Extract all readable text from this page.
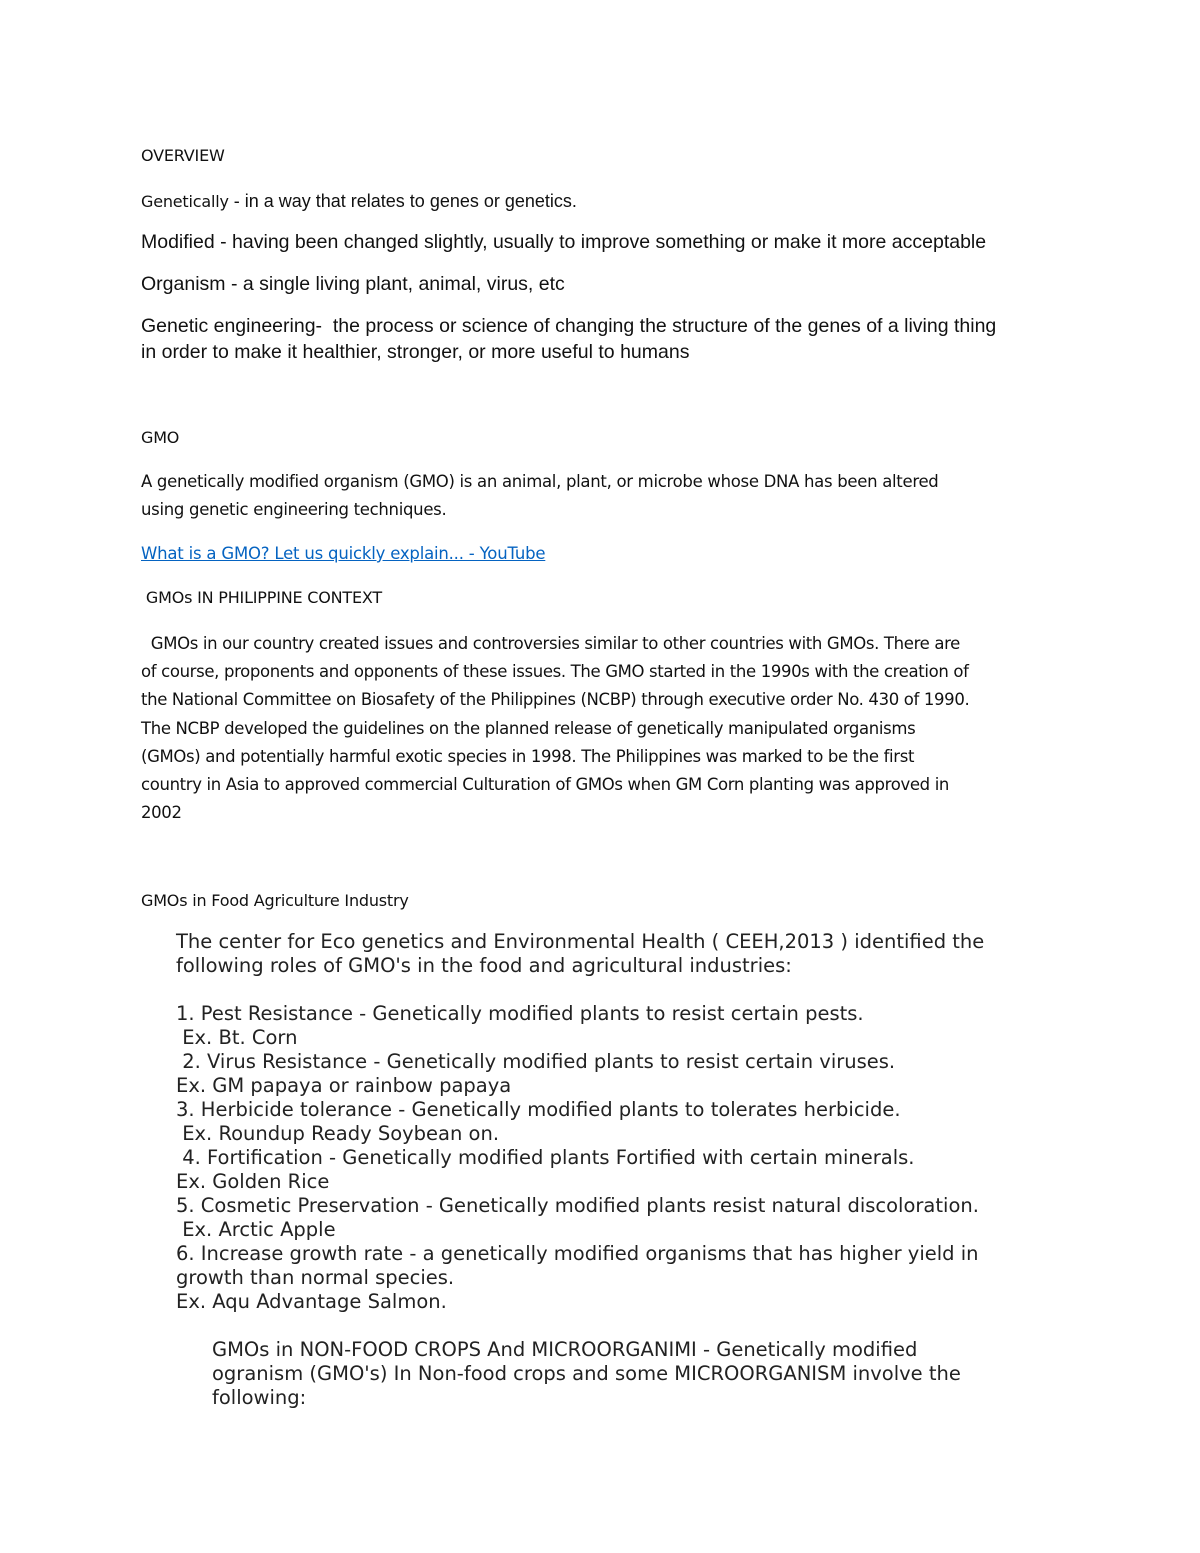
OVERVIEW

Genetically - in a way that relates to genes or genetics.

Modified - having been changed slightly, usually to improve something or make it more acceptable

Organism - a single living plant, animal, virus, etc

Genetic engineering-  the process or science of changing the structure of the genes of a living thing

in order to make it healthier, stronger, or more useful to humans

GMO

A genetically modified organism (GMO) is an animal, plant, or microbe whose DNA has been altered

using genetic engineering techniques.

What is a GMO? Let us quickly explain... - YouTube

GMOs IN PHILIPPINE CONTEXT

GMOs in our country created issues and controversies similar to other countries with GMOs. There are
of course, proponents and opponents of these issues. The GMO started in the 1990s with the creation of
the National Committee on Biosafety of the Philippines (NCBP) through executive order No. 430 of 1990.
The NCBP developed the guidelines on the planned release of genetically manipulated organisms
(GMOs) and potentially harmful exotic species in 1998. The Philippines was marked to be the first
country in Asia to approved commercial Culturation of GMOs when GM Corn planting was approved in
2002

GMOs in Food Agriculture Industry

The center for Eco genetics and Environmental Health ( CEEH,2013 ) identified the
following roles of GMO's in the food and agricultural industries:
1. Pest Resistance - Genetically modified plants to resist certain pests.
Ex. Bt. Corn
2. Virus Resistance - Genetically modified plants to resist certain viruses.
Ex. GM papaya or rainbow papaya
3. Herbicide tolerance - Genetically modified plants to tolerates herbicide.
Ex. Roundup Ready Soybean on.
4. Fortification - Genetically modified plants Fortified with certain minerals.
Ex. Golden Rice
5. Cosmetic Preservation - Genetically modified plants resist natural discoloration.
Ex. Arctic Apple
6. Increase growth rate - a genetically modified organisms that has higher yield in
growth than normal species.
Ex. Aqu Advantage Salmon.
GMOs in NON-FOOD CROPS And MICROORGANIMI - Genetically modified
ogranism (GMO's) In Non-food crops and some MICROORGANISM involve the
following:
